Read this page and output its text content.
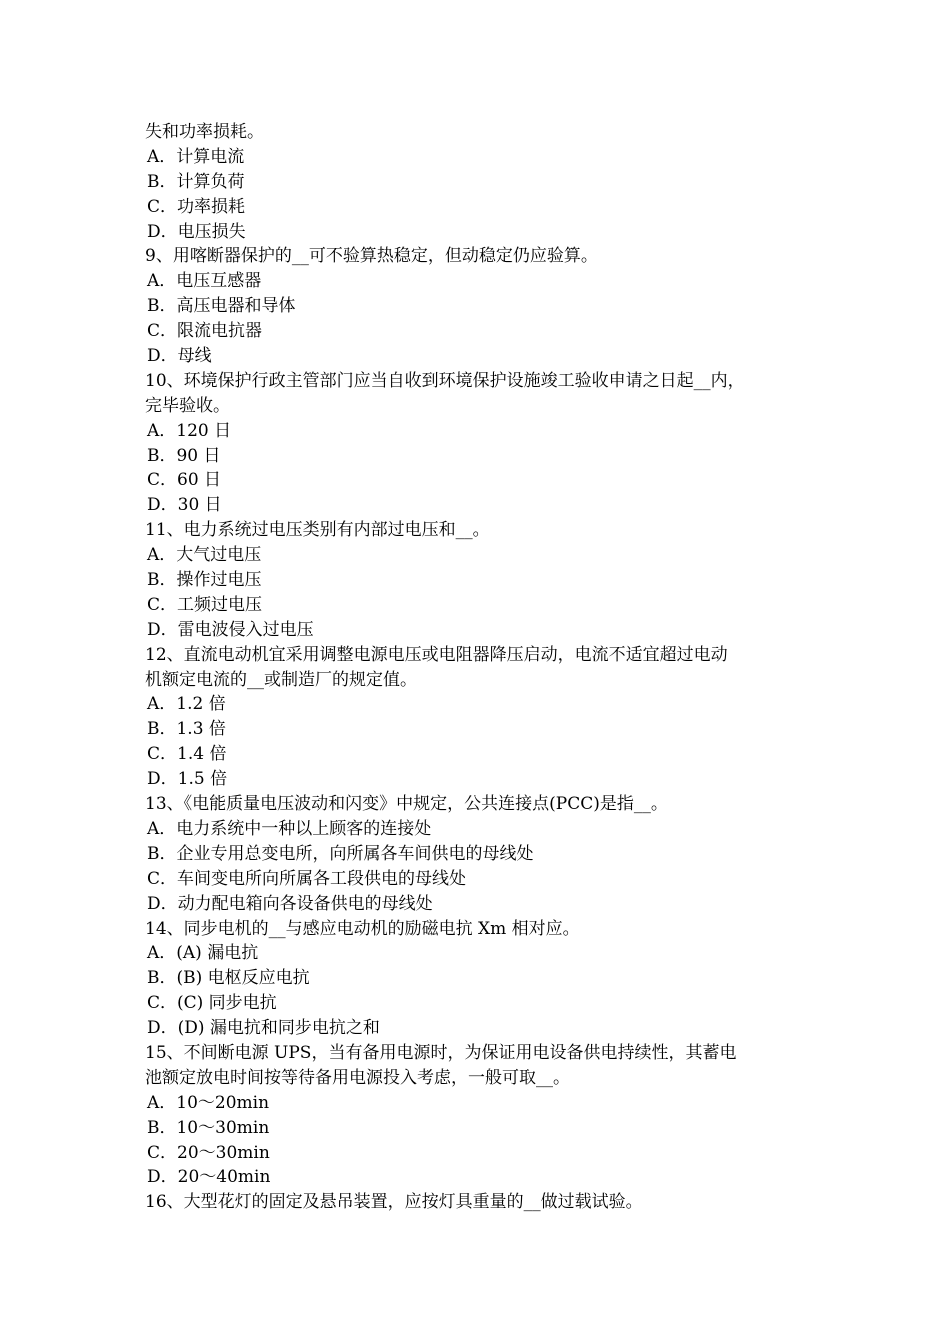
失和功率损耗。
A．计算电流
B．计算负荷
C．功率损耗
D．电压损失
9、用喀断器保护的__可不验算热稳定，但动稳定仍应验算。
A．电压互感器
B．高压电器和导体
C．限流电抗器
D．母线
10、环境保护行政主管部门应当自收到环境保护设施竣工验收申请之日起__内，
完毕验收。
A．120 日
B．90 日
C．60 日
D．30 日
11、电力系统过电压类别有内部过电压和__。
A．大气过电压
B．操作过电压
C．工频过电压
D．雷电波侵入过电压
12、直流电动机宜采用调整电源电压或电阻器降压启动，电流不适宜超过电动
机额定电流的__或制造厂的规定值。
A．1.2 倍
B．1.3 倍
C．1.4 倍
D．1.5 倍
13、《电能质量电压波动和闪变》中规定，公共连接点(PCC)是指__。
A．电力系统中一种以上顾客的连接处
B．企业专用总变电所，向所属各车间供电的母线处
C．车间变电所向所属各工段供电的母线处
D．动力配电箱向各设备供电的母线处
14、同步电机的__与感应电动机的励磁电抗 Xm 相对应。
A．(A) 漏电抗
B．(B) 电枢反应电抗
C．(C) 同步电抗
D．(D) 漏电抗和同步电抗之和
15、不间断电源 UPS，当有备用电源时，为保证用电设备供电持续性，其蓄电
池额定放电时间按等待备用电源投入考虑，一般可取__。
A．10～20min
B．10～30min
C．20～30min
D．20～40min
16、大型花灯的固定及悬吊装置，应按灯具重量的__做过载试验。
